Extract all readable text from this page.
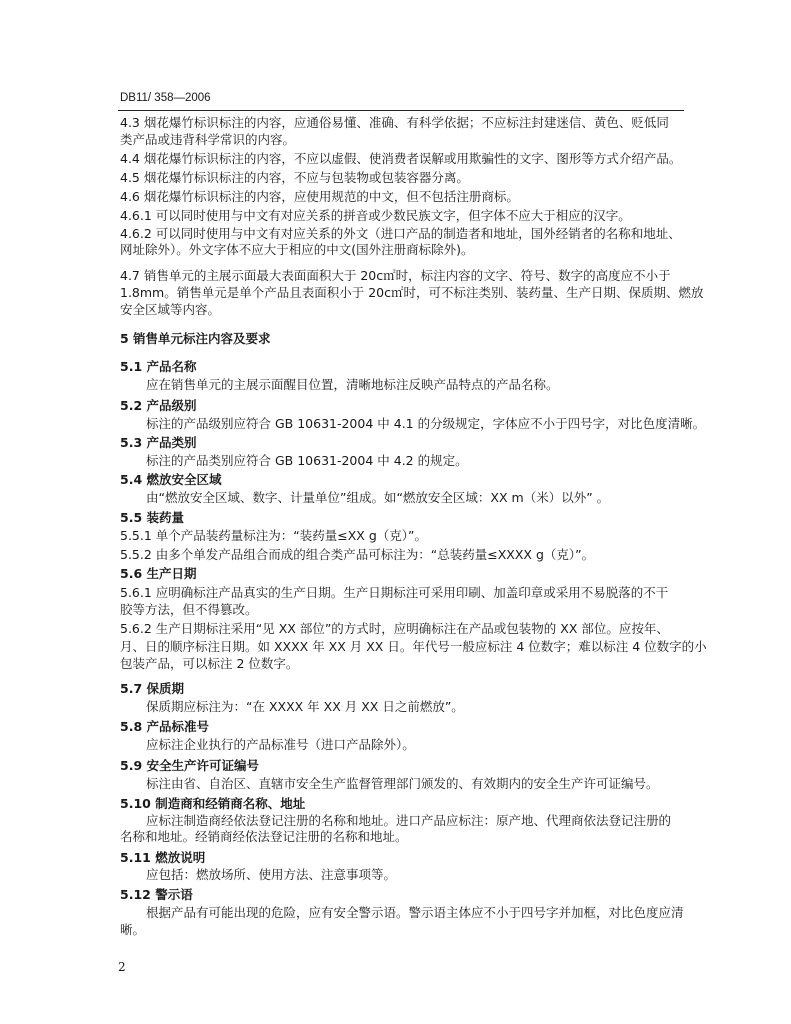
DB11/ 358—2006
4.3 烟花爆竹标识标注的内容，应通俗易懂、准确、有科学依据；不应标注封建迷信、黄色、贬低同
类产品或违背科学常识的内容。
4.4 烟花爆竹标识标注的内容，不应以虚假、使消费者误解或用欺骗性的文字、图形等方式介绍产品。
4.5 烟花爆竹标识标注的内容，不应与包装物或包装容器分离。
4.6 烟花爆竹标识标注的内容，应使用规范的中文，但不包括注册商标。
4.6.1 可以同时使用与中文有对应关系的拼音或少数民族文字，但字体不应大于相应的汉字。
4.6.2 可以同时使用与中文有对应关系的外文（进口产品的制造者和地址，国外经销者的名称和地址、
网址除外）。外文字体不应大于相应的中文(国外注册商标除外)。
4.7 销售单元的主展示面最大表面面积大于 20c㎡时，标注内容的文字、符号、数字的高度应不小于
1.8mm。销售单元是单个产品且表面积小于 20c㎡时，可不标注类别、装药量、生产日期、保质期、燃放
安全区域等内容。
5 销售单元标注内容及要求
5.1 产品名称
应在销售单元的主展示面醒目位置，清晰地标注反映产品特点的产品名称。
5.2 产品级别
标注的产品级别应符合 GB 10631-2004 中 4.1 的分级规定，字体应不小于四号字，对比色度清晰。
5.3 产品类别
标注的产品类别应符合 GB 10631-2004 中 4.2 的规定。
5.4 燃放安全区域
由“燃放安全区域、数字、计量单位”组成。如“燃放安全区域：XX m（米）以外” 。
5.5 装药量
5.5.1 单个产品装药量标注为：“装药量≤XX g（克）”。
5.5.2 由多个单发产品组合而成的组合类产品可标注为：“总装药量≤XXXX g（克）”。
5.6 生产日期
5.6.1 应明确标注产品真实的生产日期。生产日期标注可采用印刷、加盖印章或采用不易脱落的不干
胶等方法，但不得篡改。
5.6.2 生产日期标注采用“见 XX 部位”的方式时，应明确标注在产品或包装物的 XX 部位。应按年、
月、日的顺序标注日期。如 XXXX 年 XX 月 XX 日。年代号一般应标注 4 位数字；难以标注 4 位数字的小
包装产品，可以标注 2 位数字。
5.7 保质期
保质期应标注为：“在 XXXX 年 XX 月 XX 日之前燃放”。
5.8 产品标准号
应标注企业执行的产品标准号（进口产品除外）。
5.9 安全生产许可证编号
标注由省、自治区、直辖市安全生产监督管理部门颁发的、有效期内的安全生产许可证编号。
5.10 制造商和经销商名称、地址
应标注制造商经依法登记注册的名称和地址。进口产品应标注：原产地、代理商依法登记注册的
名称和地址。经销商经依法登记注册的名称和地址。
5.11 燃放说明
应包括：燃放场所、使用方法、注意事项等。
5.12 警示语
根据产品有可能出现的危险，应有安全警示语。警示语主体应不小于四号字并加框，对比色度应清
晰。
2
